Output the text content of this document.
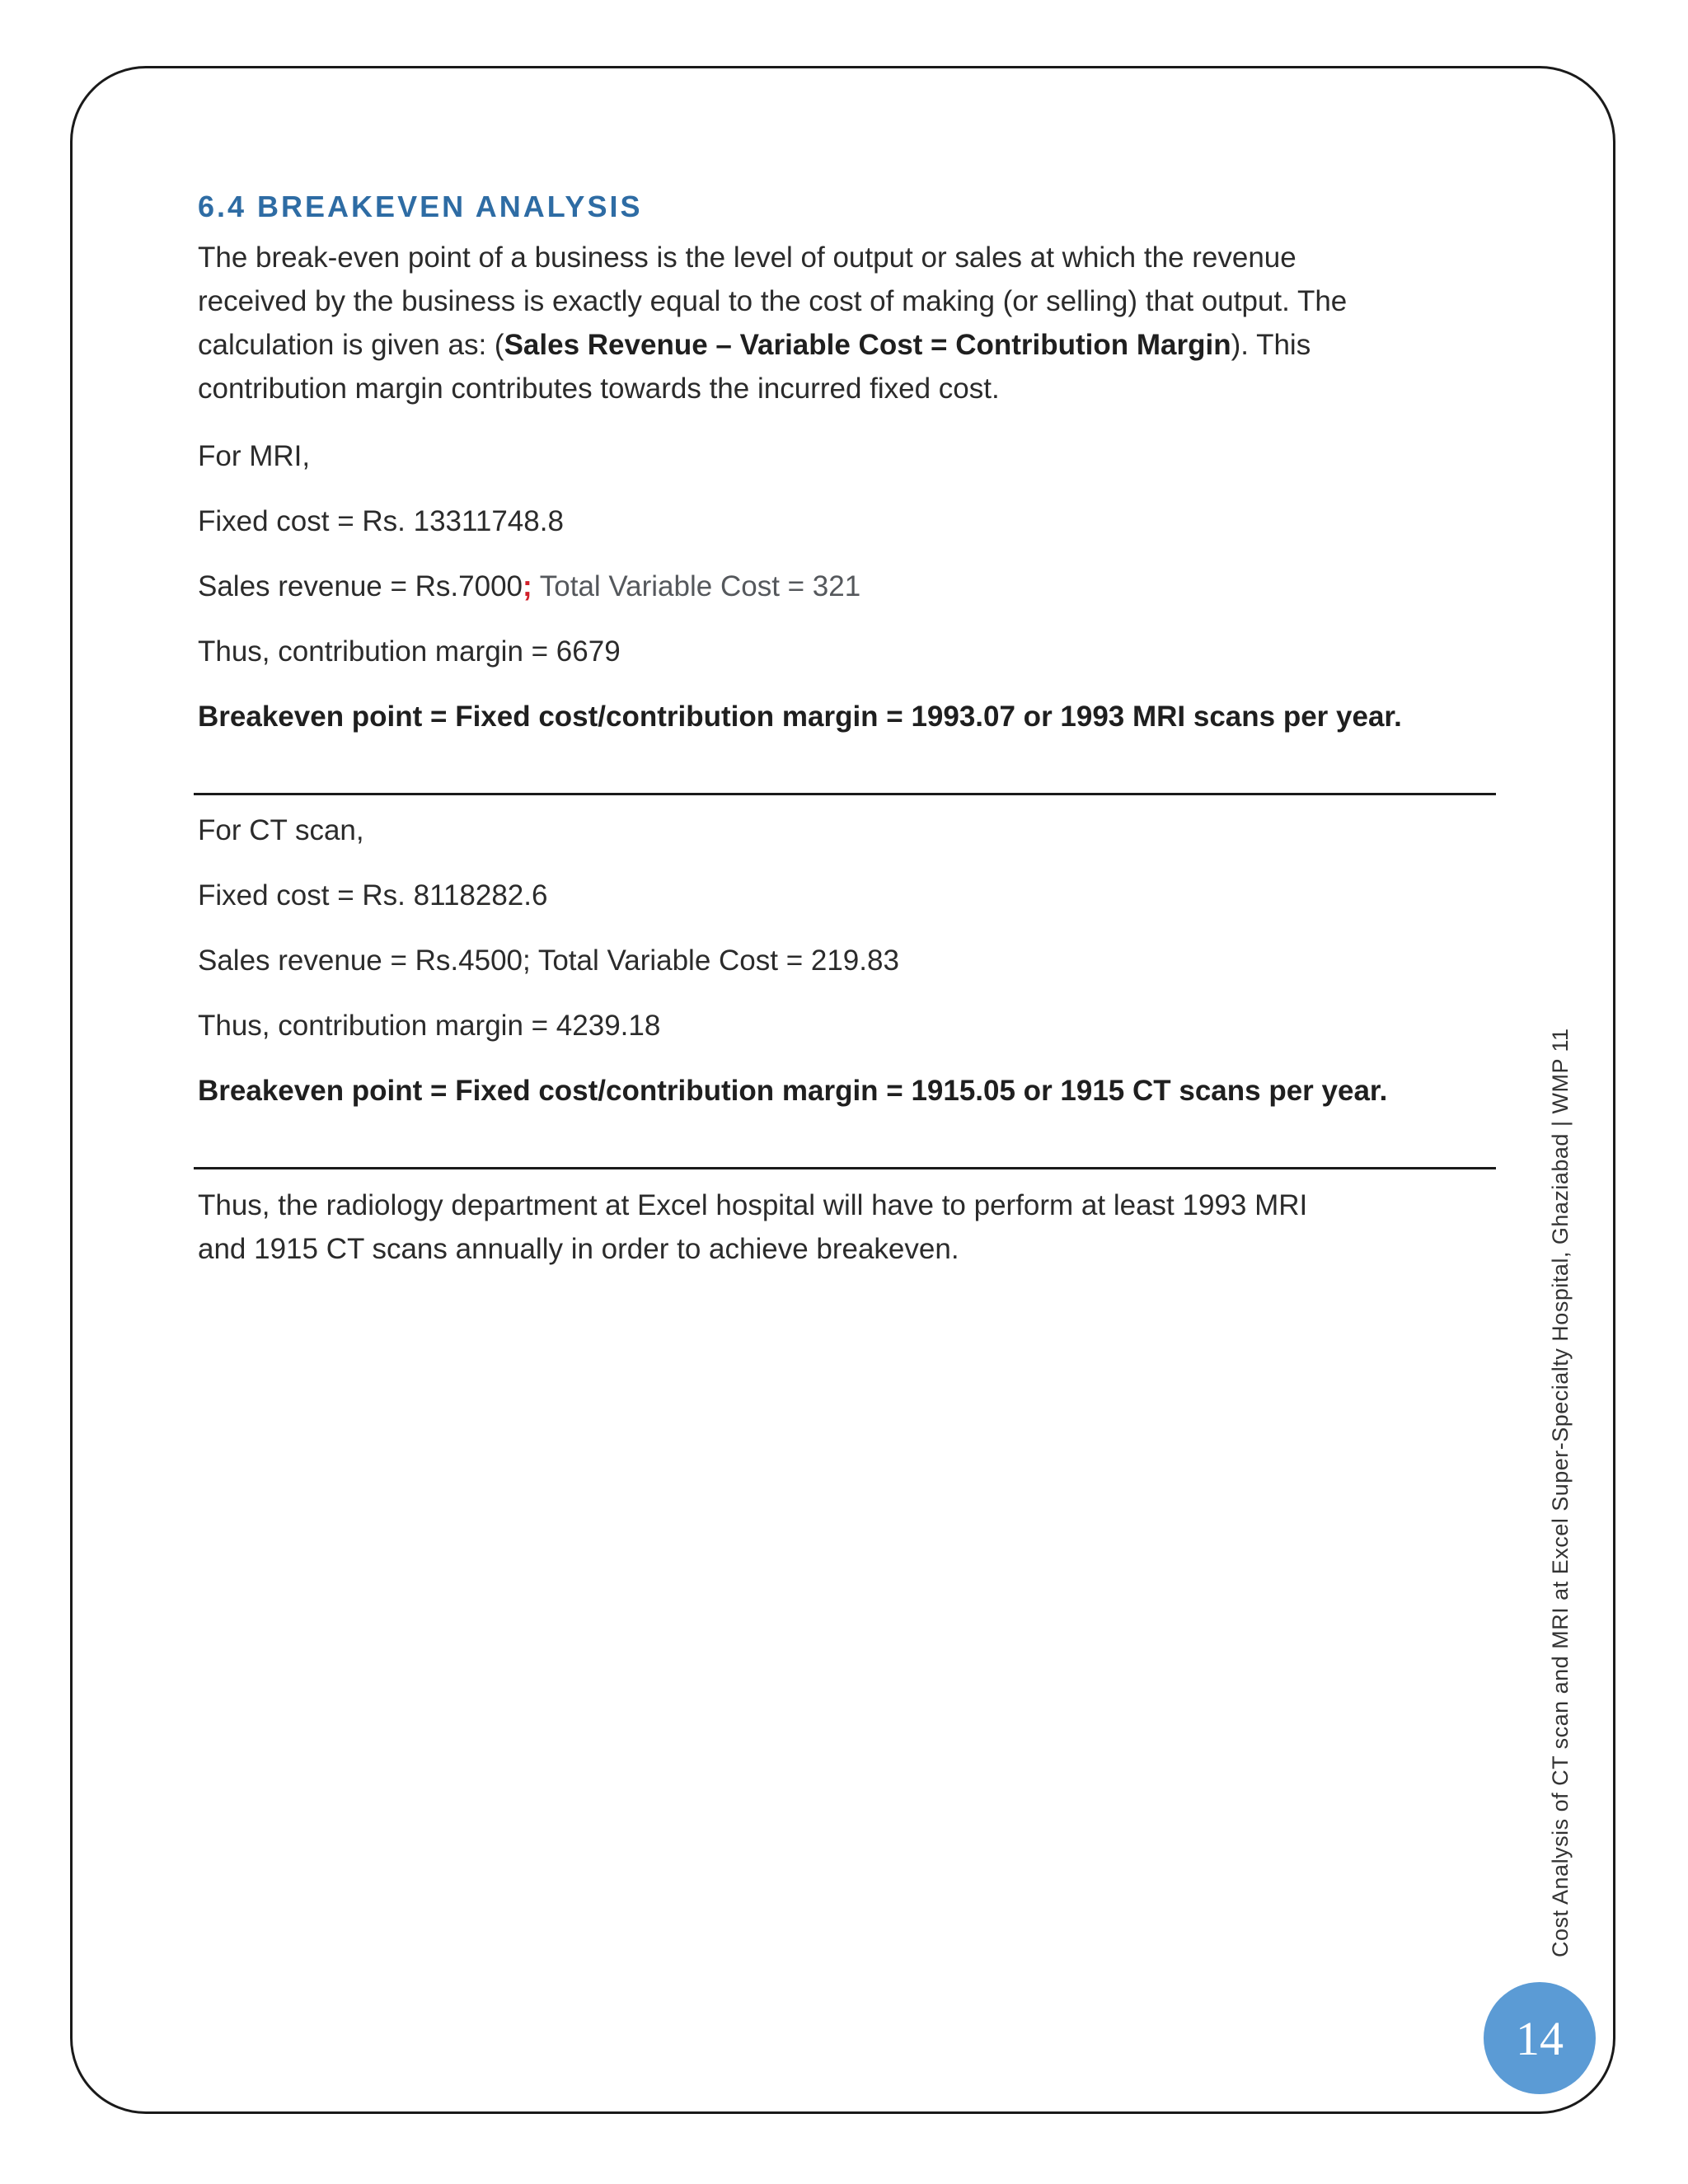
6.4 BREAKEVEN ANALYSIS

The break-even point of a business is the level of output or sales at which the revenue
received by the business is exactly equal to the cost of making (or selling) that output. The
calculation is given as: (Sales Revenue – Variable Cost = Contribution Margin). This
contribution margin contributes towards the incurred fixed cost.

For MRI,

Fixed cost = Rs. 13311748.8

Sales revenue = Rs.7000; Total Variable Cost = 321

Thus, contribution margin = 6679

Breakeven point = Fixed cost/contribution margin = 1993.07 or 1993 MRI scans per year.

For CT scan,

Fixed cost = Rs. 8118282.6

Sales revenue = Rs.4500; Total Variable Cost = 219.83

Thus, contribution margin = 4239.18

Breakeven point = Fixed cost/contribution margin = 1915.05 or 1915 CT scans per year.

Thus, the radiology department at Excel hospital will have to perform at least 1993 MRI
and 1915 CT scans annually in order to achieve breakeven.	Cost Analysis of CT scan and MRI at Excel Super-Specialty Hospital, Ghaziabad | WMP 11
14
